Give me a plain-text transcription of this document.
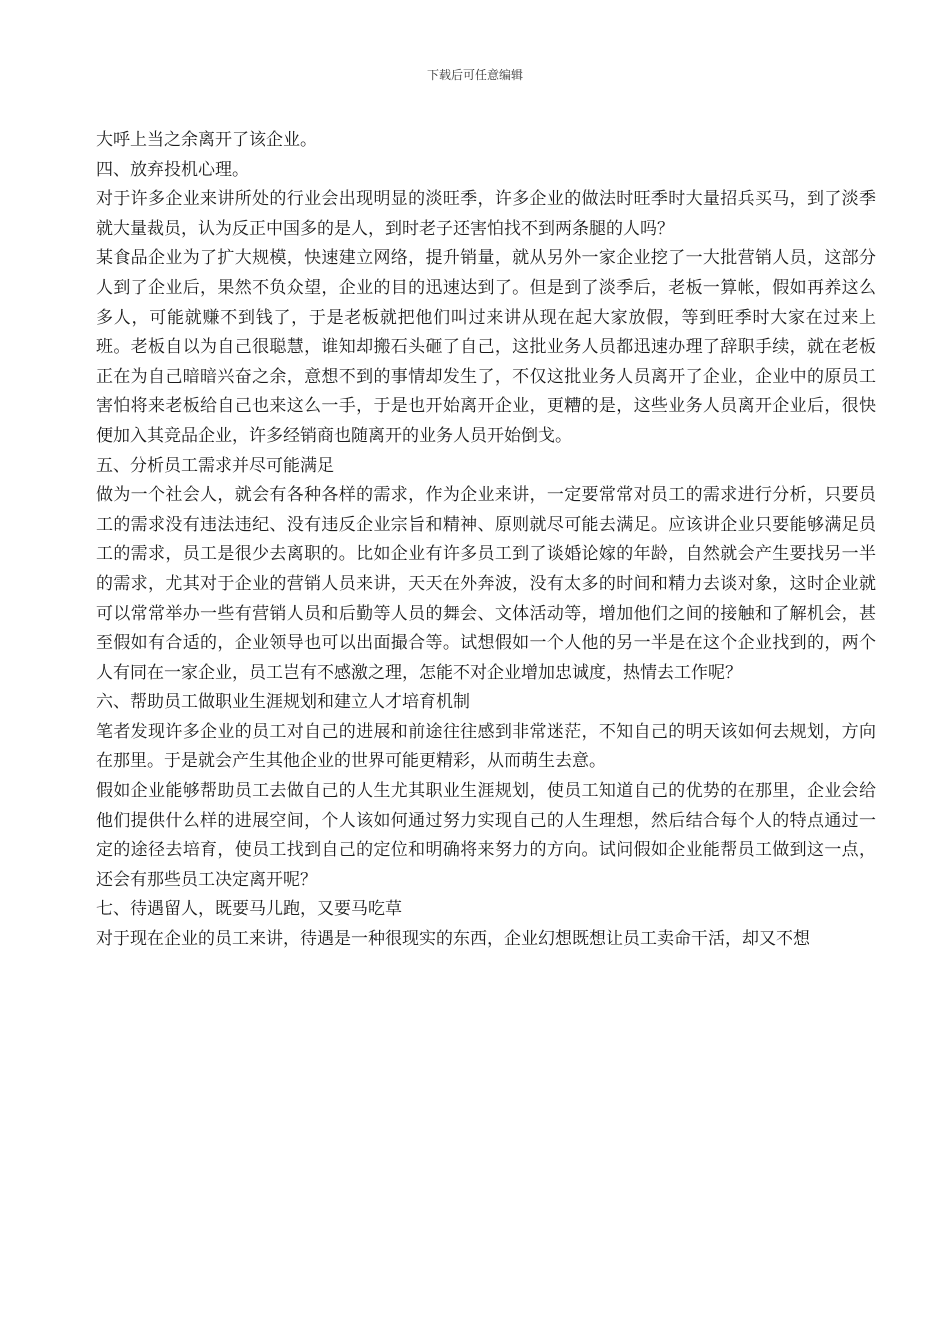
下载后可任意编辑

大呼上当之余离开了该企业。

四、放弃投机心理。

对于许多企业来讲所处的行业会出现明显的淡旺季，许多企业的做法时旺季时大量招兵买马，到了淡季就大量裁员，认为反正中国多的是人，到时老子还害怕找不到两条腿的人吗？

某食品企业为了扩大规模，快速建立网络，提升销量，就从另外一家企业挖了一大批营销人员，这部分人到了企业后，果然不负众望，企业的目的迅速达到了。但是到了淡季后，老板一算帐，假如再养这么多人，可能就赚不到钱了，于是老板就把他们叫过来讲从现在起大家放假，等到旺季时大家在过来上班。老板自以为自己很聪慧，谁知却搬石头砸了自己，这批业务人员都迅速办理了辞职手续，就在老板正在为自己暗暗兴奋之余，意想不到的事情却发生了，不仅这批业务人员离开了企业，企业中的原员工害怕将来老板给自己也来这么一手，于是也开始离开企业，更糟的是，这些业务人员离开企业后，很快便加入其竞品企业，许多经销商也随离开的业务人员开始倒戈。

五、分析员工需求并尽可能满足

做为一个社会人，就会有各种各样的需求，作为企业来讲，一定要常常对员工的需求进行分析，只要员工的需求没有违法违纪、没有违反企业宗旨和精神、原则就尽可能去满足。应该讲企业只要能够满足员工的需求，员工是很少去离职的。比如企业有许多员工到了谈婚论嫁的年龄，自然就会产生要找另一半的需求，尤其对于企业的营销人员来讲，天天在外奔波，没有太多的时间和精力去谈对象，这时企业就可以常常举办一些有营销人员和后勤等人员的舞会、文体活动等，增加他们之间的接触和了解机会，甚至假如有合适的，企业领导也可以出面撮合等。试想假如一个人他的另一半是在这个企业找到的，两个人有同在一家企业，员工岂有不感激之理，怎能不对企业增加忠诚度，热情去工作呢？

六、帮助员工做职业生涯规划和建立人才培育机制

笔者发现许多企业的员工对自己的进展和前途往往感到非常迷茫，不知自己的明天该如何去规划，方向在那里。于是就会产生其他企业的世界可能更精彩，从而萌生去意。

假如企业能够帮助员工去做自己的人生尤其职业生涯规划，使员工知道自己的优势的在那里，企业会给他们提供什么样的进展空间，个人该如何通过努力实现自己的人生理想，然后结合每个人的特点通过一定的途径去培育，使员工找到自己的定位和明确将来努力的方向。试问假如企业能帮员工做到这一点，还会有那些员工决定离开呢？

七、待遇留人，既要马儿跑，又要马吃草

对于现在企业的员工来讲，待遇是一种很现实的东西，企业幻想既想让员工卖命干活，却又不想
